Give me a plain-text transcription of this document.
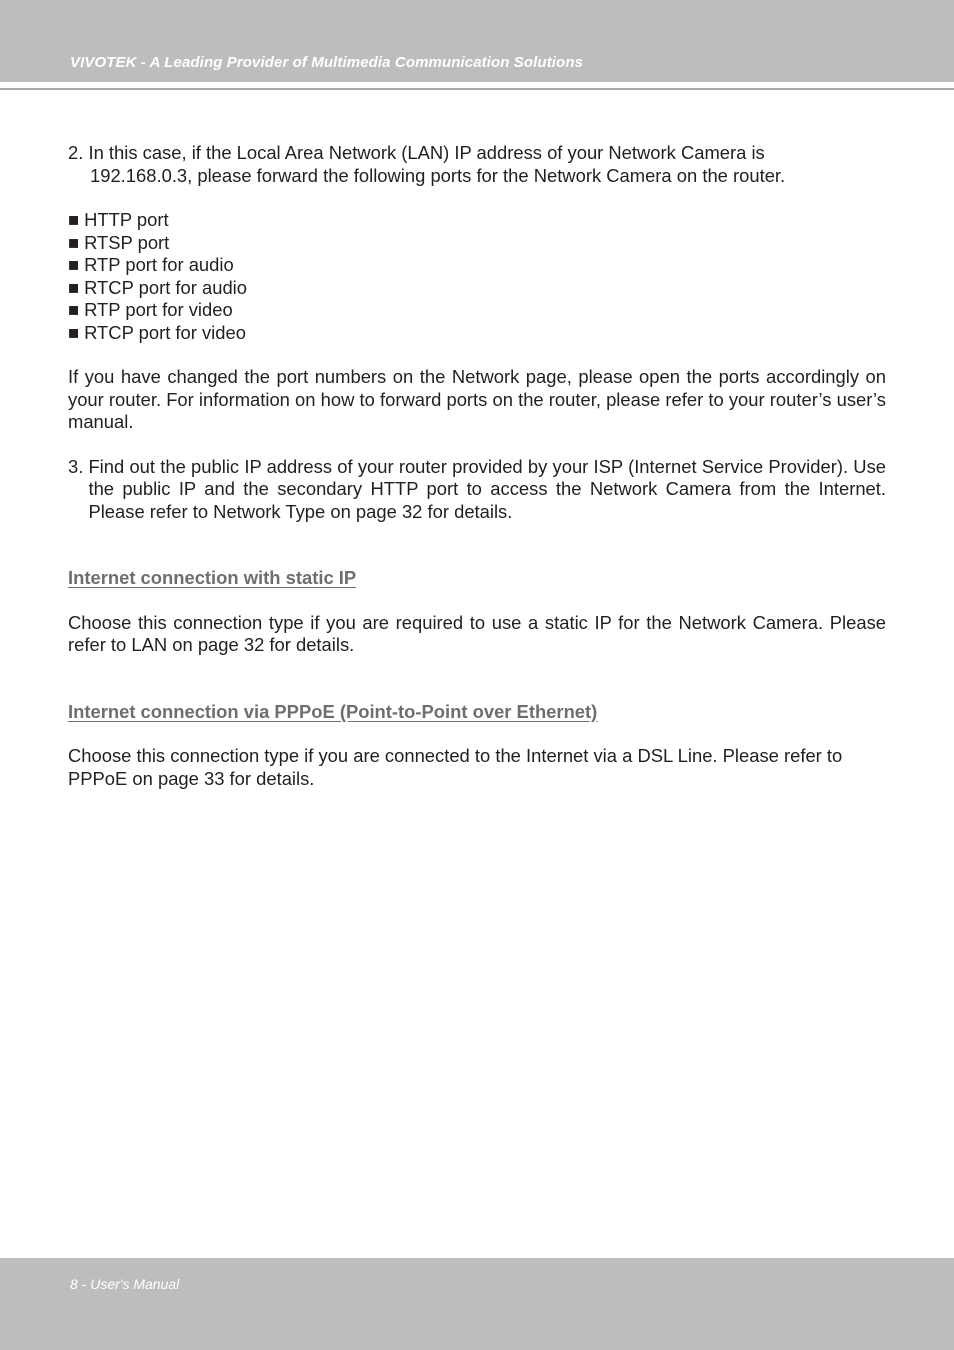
VIVOTEK - A Leading Provider of Multimedia Communication Solutions
2. In this case, if the Local Area Network (LAN) IP address of your Network Camera is
192.168.0.3, please forward the following ports for the Network Camera on the router.
■ HTTP port
■ RTSP port
■ RTP port for audio
■ RTCP port for audio
■ RTP port for video
■ RTCP port for video

If you have changed the port numbers on the Network page, please open the ports accordingly on your router. For information on how to forward ports on the router, please refer to your router’s user’s manual.

3. Find out the public IP address of your router provided by your ISP (Internet Service Provider). Use the public IP and the secondary HTTP port to access the Network Camera from the Internet. Please refer to Network Type on page 32 for details.

Internet connection with static IP

Choose this connection type if you are required to use a static IP for the Network Camera. Please refer to LAN on page 32 for details.

Internet connection via PPPoE (Point-to-Point over Ethernet)

Choose this connection type if you are connected to the Internet via a DSL Line. Please refer to PPPoE on page 33 for details.

8 - User's Manual
